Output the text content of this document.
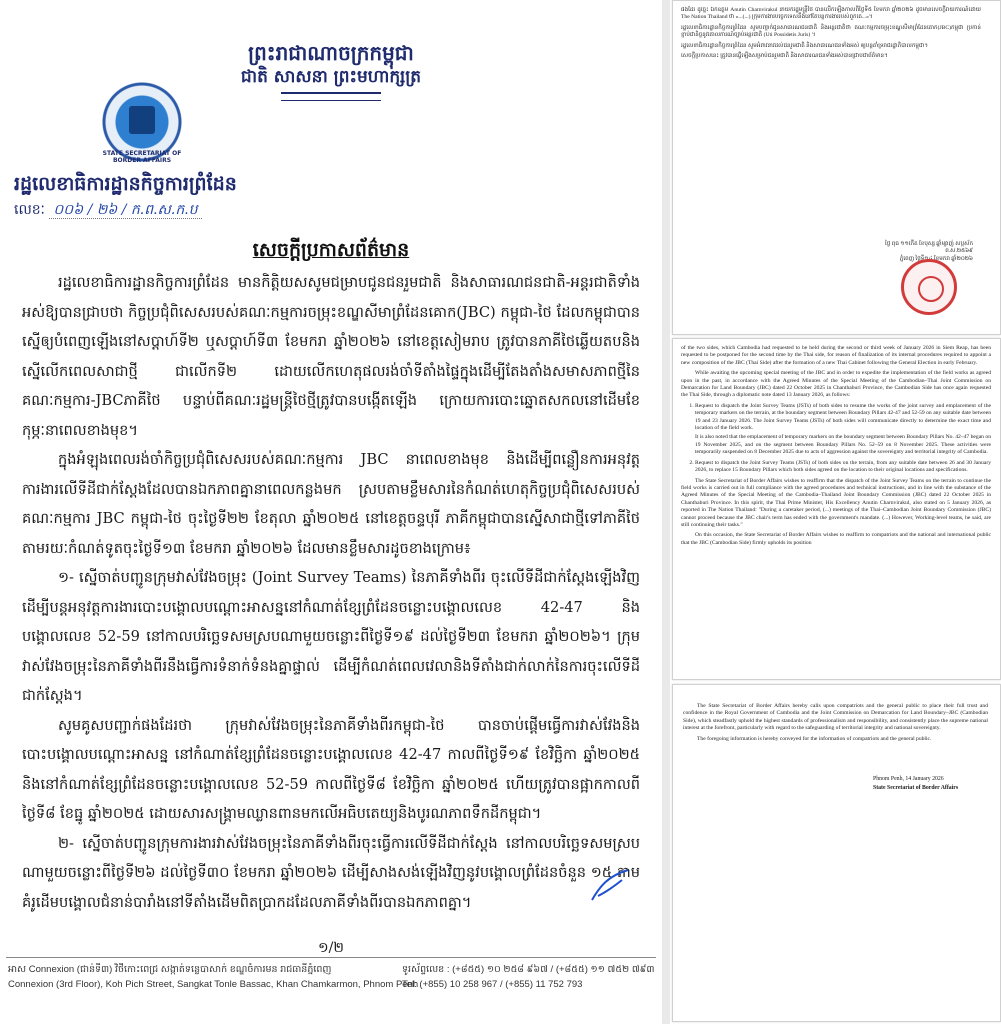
ព្រះរាជាណាចក្រកម្ពុជា
ជាតិ សាសនា ព្រះមហាក្សត្រ
STATE SECRETARIAT OF BORDER AFFAIRS
រដ្ឋលេខាធិការដ្ឋានកិច្ចការព្រំដែន
លេខៈ ០០៦ / ២៦ / ក.ព.ស.ក.ប
សេចក្តីប្រកាសព័ត៌មាន

រដ្ឋលេខាធិការដ្ឋានកិច្ចការព្រំដែន មានកិត្តិយសសូមជម្រាបជូនជនរួមជាតិ និងសាធារណជនជាតិ-អន្តរជាតិទាំងអស់ឱ្យបានជ្រាបថា កិច្ចប្រជុំពិសេសរបស់គណៈកម្មការចម្រុះខណ្ឌសីមាព្រំដែនគោក(JBC) កម្ពុជា-ថៃ ដែលកម្ពុជាបានស្នើឲ្យបំពេញឡើងនៅសប្តាហ៍ទី២ ឬសប្តាហ៍ទី៣ ខែមករា ឆ្នាំ២០២៦ នៅខេត្តសៀមរាប ត្រូវបានភាគីថៃឆ្លើយតបនិងស្នើលើកពេលសាជាថ្មី ជាលើកទី២ ដោយលើកហេតុផលរង់ចាំទីតាំងផ្ទៃក្នុងដើម្បីតែងតាំងសមាសភាពថ្មីនៃគណៈកម្មការ-JBCភាគីថៃ បន្ទាប់ពីគណៈរដ្ឋមន្ត្រីថៃថ្មីត្រូវបានបង្កើតឡើង ក្រោយការបោះឆ្នោតសកលនៅដើមខែកុម្ភៈនាពេលខាងមុខ។

ក្នុងអំឡុងពេលរង់ចាំកិច្ចប្រជុំពិសេសរបស់គណៈកម្មការ JBC នាពេលខាងមុខ និងដើម្បីពន្លឿនការអនុវត្តការងារលើទីដីជាក់ស្តែងដែលបានឯកភាពគ្នានាពេលកន្លងមក ស្របតាមខ្លឹមសារនៃកំណត់ហេតុកិច្ចប្រជុំពិសេសរបស់គណៈកម្មការ JBC កម្ពុជា-ថៃ ចុះថ្ងៃទី២២ ខែតុលា ឆ្នាំ២០២៥ នៅខេត្តចន្ទបុរី ភាគីកម្ពុជាបានស្នើសាជាថ្មីទៅភាគីថៃ តាមរយៈកំណត់ទូតចុះថ្ងៃទី១៣ ខែមករា ឆ្នាំ២០២៦ ដែលមានខ្លឹមសារដូចខាងក្រោម៖

១- ស្នើចាត់បញ្ជូនក្រុមវាស់វែងចម្រុះ (Joint Survey Teams) នៃភាគីទាំងពីរ ចុះលើទីដីជាក់ស្តែងឡើងវិញ ដើម្បីបន្តអនុវត្តការងារបោះបង្គោលបណ្តោះអាសន្ននៅកំណាត់ខ្សែព្រំដែនចន្លោះបង្គោលលេខ 42-47 និងបង្គោលលេខ 52-59 នៅកាលបរិច្ឆេទសមស្របណាមួយចន្លោះពីថ្ងៃទី១៩ ដល់ថ្ងៃទី២៣ ខែមករា ឆ្នាំ២០២៦។ ក្រុមវាស់វែងចម្រុះនៃភាគីទាំងពីរនឹងធ្វើការទំនាក់ទំនងគ្នាផ្ទាល់ ដើម្បីកំណត់ពេលវេលានិងទីតាំងជាក់លាក់នៃការចុះលើទីដីជាក់ស្តែង។

សូមគូសបញ្ជាក់ផងដែរថា ក្រុមវាស់វែងចម្រុះនៃភាគីទាំងពីរកម្ពុជា-ថៃ បានចាប់ផ្តើមធ្វើការវាស់វែងនិងបោះបង្គោលបណ្តោះអាសន្ន នៅកំណាត់ខ្សែព្រំដែនចន្លោះបង្គោលលេខ 42-47 កាលពីថ្ងៃទី១៩ ខែវិច្ឆិកា ឆ្នាំ២០២៥ និងនៅកំណាត់ខ្សែព្រំដែនចន្លោះបង្គោលលេខ 52-59 កាលពីថ្ងៃទី៨ ខែវិច្ឆិកា ឆ្នាំ២០២៥ ហើយត្រូវបានផ្អាកកាលពីថ្ងៃទី៨ ខែធ្នូ ឆ្នាំ២០២៥ ដោយសារសង្គ្រាមឈ្លានពានមកលើអធិបតេយ្យនិងបូរណភាពទឹកដីកម្ពុជា។

២- ស្នើចាត់បញ្ជូនក្រុមការងារវាស់វែងចម្រុះនៃភាគីទាំងពីរចុះធ្វើការលើទីដីជាក់ស្តែង នៅកាលបរិច្ឆេទសមស្របណាមួយចន្លោះពីថ្ងៃទី២៦ ដល់ថ្ងៃទី៣០ ខែមករា ឆ្នាំ២០២៦ ដើម្បីសាងសង់ឡើងវិញនូវបង្គោលព្រំដែនចំនួន ១៥ តាមគំរូដើមបង្គោលជំនាន់បារាំងនៅទីតាំងដើមពិតប្រាកដដែលភាគីទាំងពីរបានឯកភាពគ្នា។

១/២
អាស Connexion (ជាន់ទី៣) វិថីកោះពេជ្រ សង្កាត់ទន្លេបាសាក់ ខណ្ឌចំការមន រាជធានីភ្នំពេញ
Connexion (3rd Floor), Koh Pich Street, Sangkat Tonle Bassac, Khan Chamkarmon, Phnom Penh
ទូរស័ព្ទលេខ : (+៨៥៥) ១០ ២៥៨ ៩៦៧ / (+៨៥៥) ១១ ៧៥២ ៧៩៣
Tel: (+855) 10 258 967 / (+855) 11 752 793

ផងដែរ ដូច្នេះ ឯកឧត្តម Anutin Charnvirakul នាយករដ្ឋមន្ត្រីថៃ បានលើកឡើងកាលពីថ្ងៃទី៥ ខែមករា ឆ្នាំ២០២៦ ដូចមានសេចក្តីរាយការណ៍ដោយ The Nation Thailand ថា «...(...) ក្រុមការងារបច្ចេកទេសនឹងនៅតែបន្តការងាររបស់ពួកគេ...»។

រដ្ឋលេខាធិការដ្ឋានកិច្ចការព្រំដែន សូមបញ្ជាក់ជូនសាធារណជនជាតិ និងអន្តរជាតិថា គណៈកម្មការចម្រុះខណ្ឌសីមាព្រំដែនគោក(JBC)កម្ពុជា ប្រកាន់ខ្ជាប់ជានិច្ចនូវគោលការណ៍ច្បាប់អន្តរជាតិ (Uti Possidetis Juris) ។

រដ្ឋលេខាធិការដ្ឋានកិច្ចការព្រំដែន សូមអំពាវនាវដល់ជនរួមជាតិ និងសាធារណជនទាំងអស់ ឲ្យបន្តគាំទ្ររាជរដ្ឋាភិបាលកម្ពុជា។

សេចក្តីប្រកាសនេះ ត្រូវបានធ្វើឡើងសម្រាប់ជនរួមជាតិ និងសាធារណជនទាំងអស់បានជ្រាបជាព័ត៌មាន។

ថ្ងៃ ពុធ ១១កើត ខែបុស្ស ឆ្នាំម្សាញ់ សប្តស័ក ព.ស.២៥៦៩
ភ្នំពេញ ថ្ងៃទី១៤ ខែមករា ឆ្នាំ២០២៦

of the two sides, which Cambodia had requested to be held during the second or third week of January 2026 in Siem Reap, has been requested to be postponed for the second time by the Thai side, for reason of finalization of its internal procedures required to appoint a new composition of the JBC (Thai Side) after the formation of a new Thai Cabinet following the General Election in early February.

While awaiting the upcoming special meeting of the JBC and in order to expedite the implementation of the field works as agreed upon in the past, in accordance with the Agreed Minutes of the Special Meeting of the Cambodian–Thai Joint Commission on Demarcation for Land Boundary (JBC) dated 22 October 2025 in Chanthaburi Province, the Cambodian Side has once again requested the Thai Side, through a diplomatic note dated 13 January 2026, as follows:

1. Request to dispatch the Joint Survey Teams (JSTs) of both sides to resume the works of the joint survey and emplacement of the temporary markers on the terrain, at the boundary segment between Boundary Pillars 42-47 and 52-59 on any suitable date between 19 and 23 January 2026. The Joint Survey Teams (JSTs) of both sides will communicate directly to determine the exact time and location of the field work.
It is also noted that the emplacement of temporary markers on the boundary segment between Boundary Pillars No. 42–47 began on 19 November 2025, and on the segment between Boundary Pillars No. 52–59 on 8 November 2025. These activities were temporarily suspended on 8 December 2025 due to acts of aggression against the sovereignty and territorial integrity of Cambodia.
2. Request to dispatch the Joint Survey Teams (JSTs) of both sides on the terrain, from any suitable date between 26 and 30 January 2026, to replace 15 Boundary Pillars which both sides agreed on the location to their original locations and specifications.

The State Secretariat of Border Affairs wishes to reaffirm that the dispatch of the Joint Survey Teams on the terrain to continue the field works is carried out in full compliance with the agreed procedures and technical instructions, and in line with the substance of the Agreed Minutes of the Special Meeting of the Cambodia–Thailand Joint Boundary Commission (JBC) dated 22 October 2025 in Chanthaburi Province. In this spirit, the Thai Prime Minister, His Excellency Anutin Charnvirakul, also stated on 5 January 2026, as reported in The Nation Thailand: "During a caretaker period, (...) meetings of the Thai–Cambodian Joint Boundary Commission (JBC) cannot proceed because the JBC chair's term has ended with the government's mandate. (...) However, Working-level teams, he said, are still continuing their tasks."

On this occasion, the State Secretariat of Border Affairs wishes to reaffirm to compatriots and the national and international public that the JBC (Cambodian Side) firmly upholds its position

The State Secretariat of Border Affairs hereby calls upon compatriots and the general public to place their full trust and confidence in the Royal Government of Cambodia and the Joint Commission on Demarcation for Land Boundary–JBC (Cambodian Side), which steadfastly uphold the highest standards of professionalism and responsibility, and consistently place the supreme national interest at the forefront, particularly with regard to the safeguarding of territorial integrity and national sovereignty.

The foregoing information is hereby conveyed for the information of compatriots and the general public.

Phnom Penh, 14 January 2026
State Secretariat of Border Affairs
